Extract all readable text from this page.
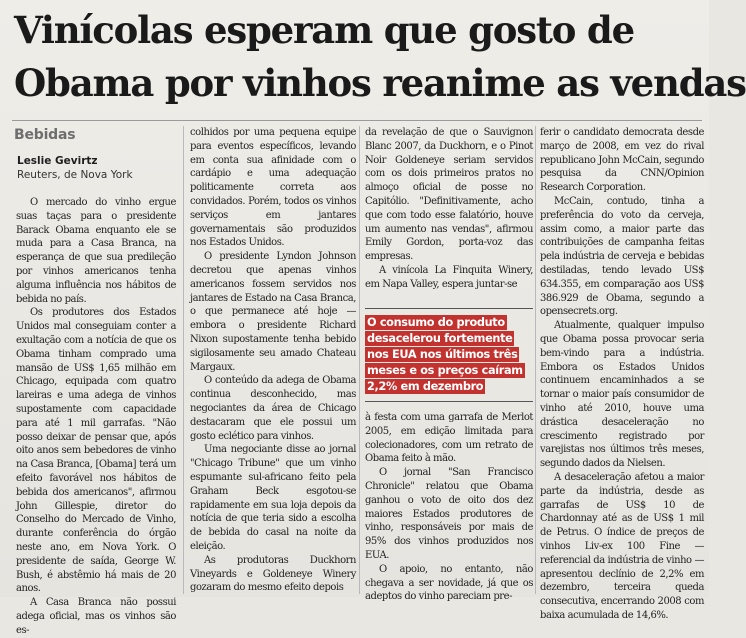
Vinícolas esperam que gosto de
Obama por vinhos reanime as vendas
Bebidas
Leslie Gevirtz
Reuters, de Nova York

O mercado do vinho ergue suas taças para o presidente Barack Obama enquanto ele se muda para a Casa Branca, na esperança de que sua predileção por vinhos americanos tenha alguma influência nos hábitos de bebida no país.

Os produtores dos Estados Unidos mal conseguiam conter a exultação com a notícia de que os Obama tinham comprado uma mansão de US$ 1,65 milhão em Chicago, equipada com quatro lareiras e uma adega de vinhos supostamente com capacidade para até 1 mil garrafas. "Não posso deixar de pensar que, após oito anos sem bebedores de vinho na Casa Branca, [Obama] terá um efeito favorável nos hábitos de bebida dos americanos", afirmou John Gillespie, diretor do Conselho do Mercado de Vinho, durante conferência do órgão neste ano, em Nova York. O presidente de saída, George W. Bush, é abstêmio há mais de 20 anos.

A Casa Branca não possui adega oficial, mas os vinhos são es-

colhidos por uma pequena equipe para eventos específicos, levando em conta sua afinidade com o cardápio e uma adequação politicamente correta aos convidados. Porém, todos os vinhos serviços em jantares governamentais são produzidos nos Estados Unidos.

O presidente Lyndon Johnson decretou que apenas vinhos americanos fossem servidos nos jantares de Estado na Casa Branca, o que permanece até hoje — embora o presidente Richard Nixon supostamente tenha bebido sigilosamente seu amado Chateau Margaux.

O conteúdo da adega de Obama continua desconhecido, mas negociantes da área de Chicago destacaram que ele possui um gosto eclético para vinhos.

Uma negociante disse ao jornal "Chicago Tribune" que um vinho espumante sul-africano feito pela Graham Beck esgotou-se rapidamente em sua loja depois da notícia de que teria sido a escolha de bebida do casal na noite da eleição.

As produtoras Duckhorn Vineyards e Goldeneye Winery gozaram do mesmo efeito depois

da revelação de que o Sauvignon Blanc 2007, da Duckhorn, e o Pinot Noir Goldeneye seriam servidos com os dois primeiros pratos no almoço oficial de posse no Capitólio. "Definitivamente, acho que com todo esse falatório, houve um aumento nas vendas", afirmou Emily Gordon, porta-voz das empresas.

A vinícola La Finquita Winery, em Napa Valley, espera juntar-se

O consumo do produto desacelerou fortemente nos EUA nos últimos três meses e os preços caíram 2,2% em dezembro

à festa com uma garrafa de Merlot 2005, em edição limitada para colecionadores, com um retrato de Obama feito à mão.

O jornal "San Francisco Chronicle" relatou que Obama ganhou o voto de oito dos dez maiores Estados produtores de vinho, responsáveis por mais de 95% dos vinhos produzidos nos EUA.

O apoio, no entanto, não chegava a ser novidade, já que os adeptos do vinho pareciam pre-

ferir o candidato democrata desde março de 2008, em vez do rival republicano John McCain, segundo pesquisa da CNN/Opinion Research Corporation.

McCain, contudo, tinha a preferência do voto da cerveja, assim como, a maior parte das contribuições de campanha feitas pela indústria de cerveja e bebidas destiladas, tendo levado US$ 634.355, em comparação aos US$ 386.929 de Obama, segundo a opensecrets.org.

Atualmente, qualquer impulso que Obama possa provocar seria bem-vindo para a indústria. Embora os Estados Unidos continuem encaminhados a se tornar o maior país consumidor de vinho até 2010, houve uma drástica desaceleração no crescimento registrado por varejistas nos últimos três meses, segundo dados da Nielsen.

A desaceleração afetou a maior parte da indústria, desde as garrafas de US$ 10 de Chardonnay até as de US$ 1 mil de Petrus. O índice de preços de vinhos Liv-ex 100 Fine — referencial da indústria de vinho — apresentou declínio de 2,2% em dezembro, terceira queda consecutiva, encerrando 2008 com baixa acumulada de 14,6%.
